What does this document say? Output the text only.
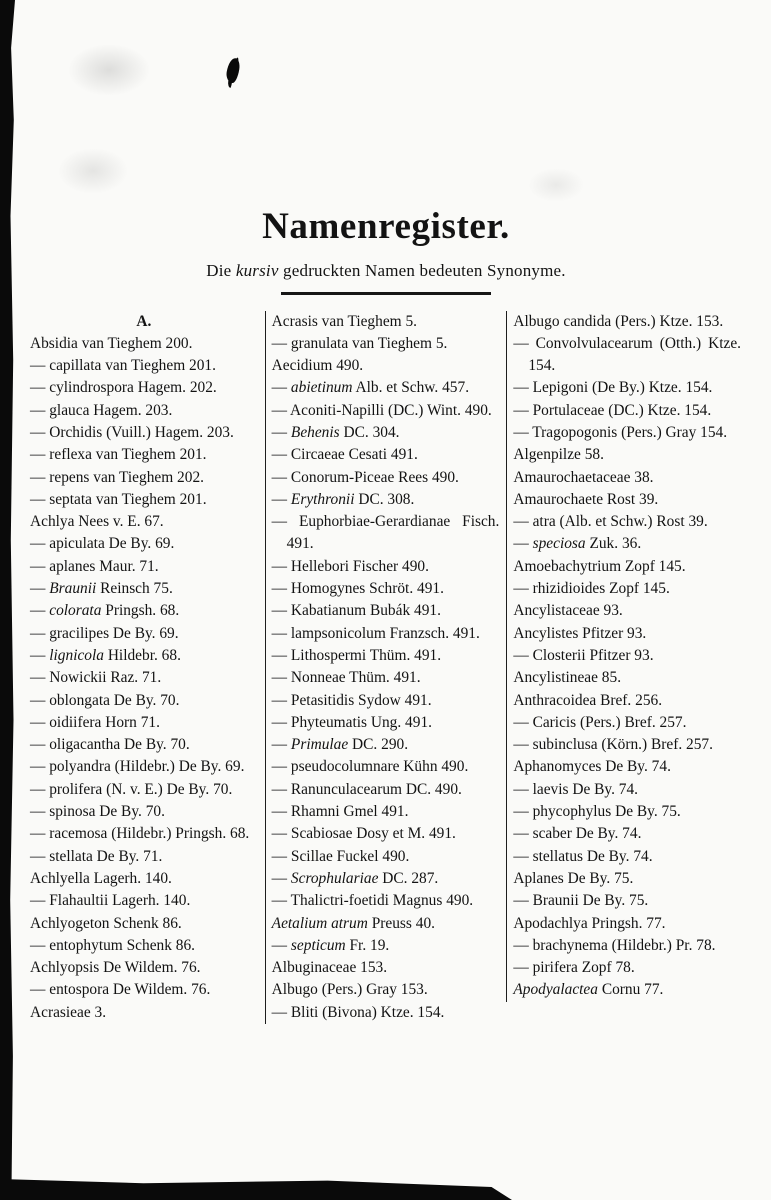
Namenregister.

Die kursiv gedruckten Namen bedeuten Synonyme.

A.

Absidia van Tieghem 200.

— capillata van Tieghem 201.

— cylindrospora Hagem. 202.

— glauca Hagem. 203.

— Orchidis (Vuill.) Hagem. 203.

— reflexa van Tieghem 201.

— repens van Tieghem 202.

— septata van Tieghem 201.

Achlya Nees v. E. 67.

— apiculata De By. 69.

— aplanes Maur. 71.

— Braunii Reinsch 75.

— colorata Pringsh. 68.

— gracilipes De By. 69.

— lignicola Hildebr. 68.

— Nowickii Raz. 71.

— oblongata De By. 70.

— oidiifera Horn 71.

— oligacantha De By. 70.

— polyandra (Hildebr.) De By. 69.

— prolifera (N. v. E.) De By. 70.

— spinosa De By. 70.

— racemosa (Hildebr.) Pringsh. 68.

— stellata De By. 71.

Achlyella Lagerh. 140.

— Flahaultii Lagerh. 140.

Achlyogeton Schenk 86.

— entophytum Schenk 86.

Achlyopsis De Wildem. 76.

— entospora De Wildem. 76.

Acrasieae 3.

Acrasis van Tieghem 5.

— granulata van Tieghem 5.

Aecidium 490.

— abietinum Alb. et Schw. 457.

— Aconiti-Napilli (DC.) Wint. 490.

— Behenis DC. 304.

— Circaeae Cesati 491.

— Conorum-Piceae Rees 490.

— Erythronii DC. 308.

— Euphorbiae-Gerardianae Fisch. 491.

— Hellebori Fischer 490.

— Homogynes Schröt. 491.

— Kabatianum Bubák 491.

— lampsonicolum Franzsch. 491.

— Lithospermi Thüm. 491.

— Nonneae Thüm. 491.

— Petasitidis Sydow 491.

— Phyteumatis Ung. 491.

— Primulae DC. 290.

— pseudocolumnare Kühn 490.

— Ranunculacearum DC. 490.

— Rhamni Gmel 491.

— Scabiosae Dosy et M. 491.

— Scillae Fuckel 490.

— Scrophulariae DC. 287.

— Thalictri-foetidi Magnus 490.

Aetalium atrum Preuss 40.

— septicum Fr. 19.

Albuginaceae 153.

Albugo (Pers.) Gray 153.

— Bliti (Bivona) Ktze. 154.

Albugo candida (Pers.) Ktze. 153.

— Convolvulacearum (Otth.) Ktze. 154.

— Lepigoni (De By.) Ktze. 154.

— Portulaceae (DC.) Ktze. 154.

— Tragopogonis (Pers.) Gray 154.

Algenpilze 58.

Amaurochaetaceae 38.

Amaurochaete Rost 39.

— atra (Alb. et Schw.) Rost 39.

— speciosa Zuk. 36.

Amoebachytrium Zopf 145.

— rhizidioides Zopf 145.

Ancylistaceae 93.

Ancylistes Pfitzer 93.

— Closterii Pfitzer 93.

Ancylistineae 85.

Anthracoidea Bref. 256.

— Caricis (Pers.) Bref. 257.

— subinclusa (Körn.) Bref. 257.

Aphanomyces De By. 74.

— laevis De By. 74.

— phycophylus De By. 75.

— scaber De By. 74.

— stellatus De By. 74.

Aplanes De By. 75.

— Braunii De By. 75.

Apodachlya Pringsh. 77.

— brachynema (Hildebr.) Pr. 78.

— pirifera Zopf 78.

Apodyalactea Cornu 77.
